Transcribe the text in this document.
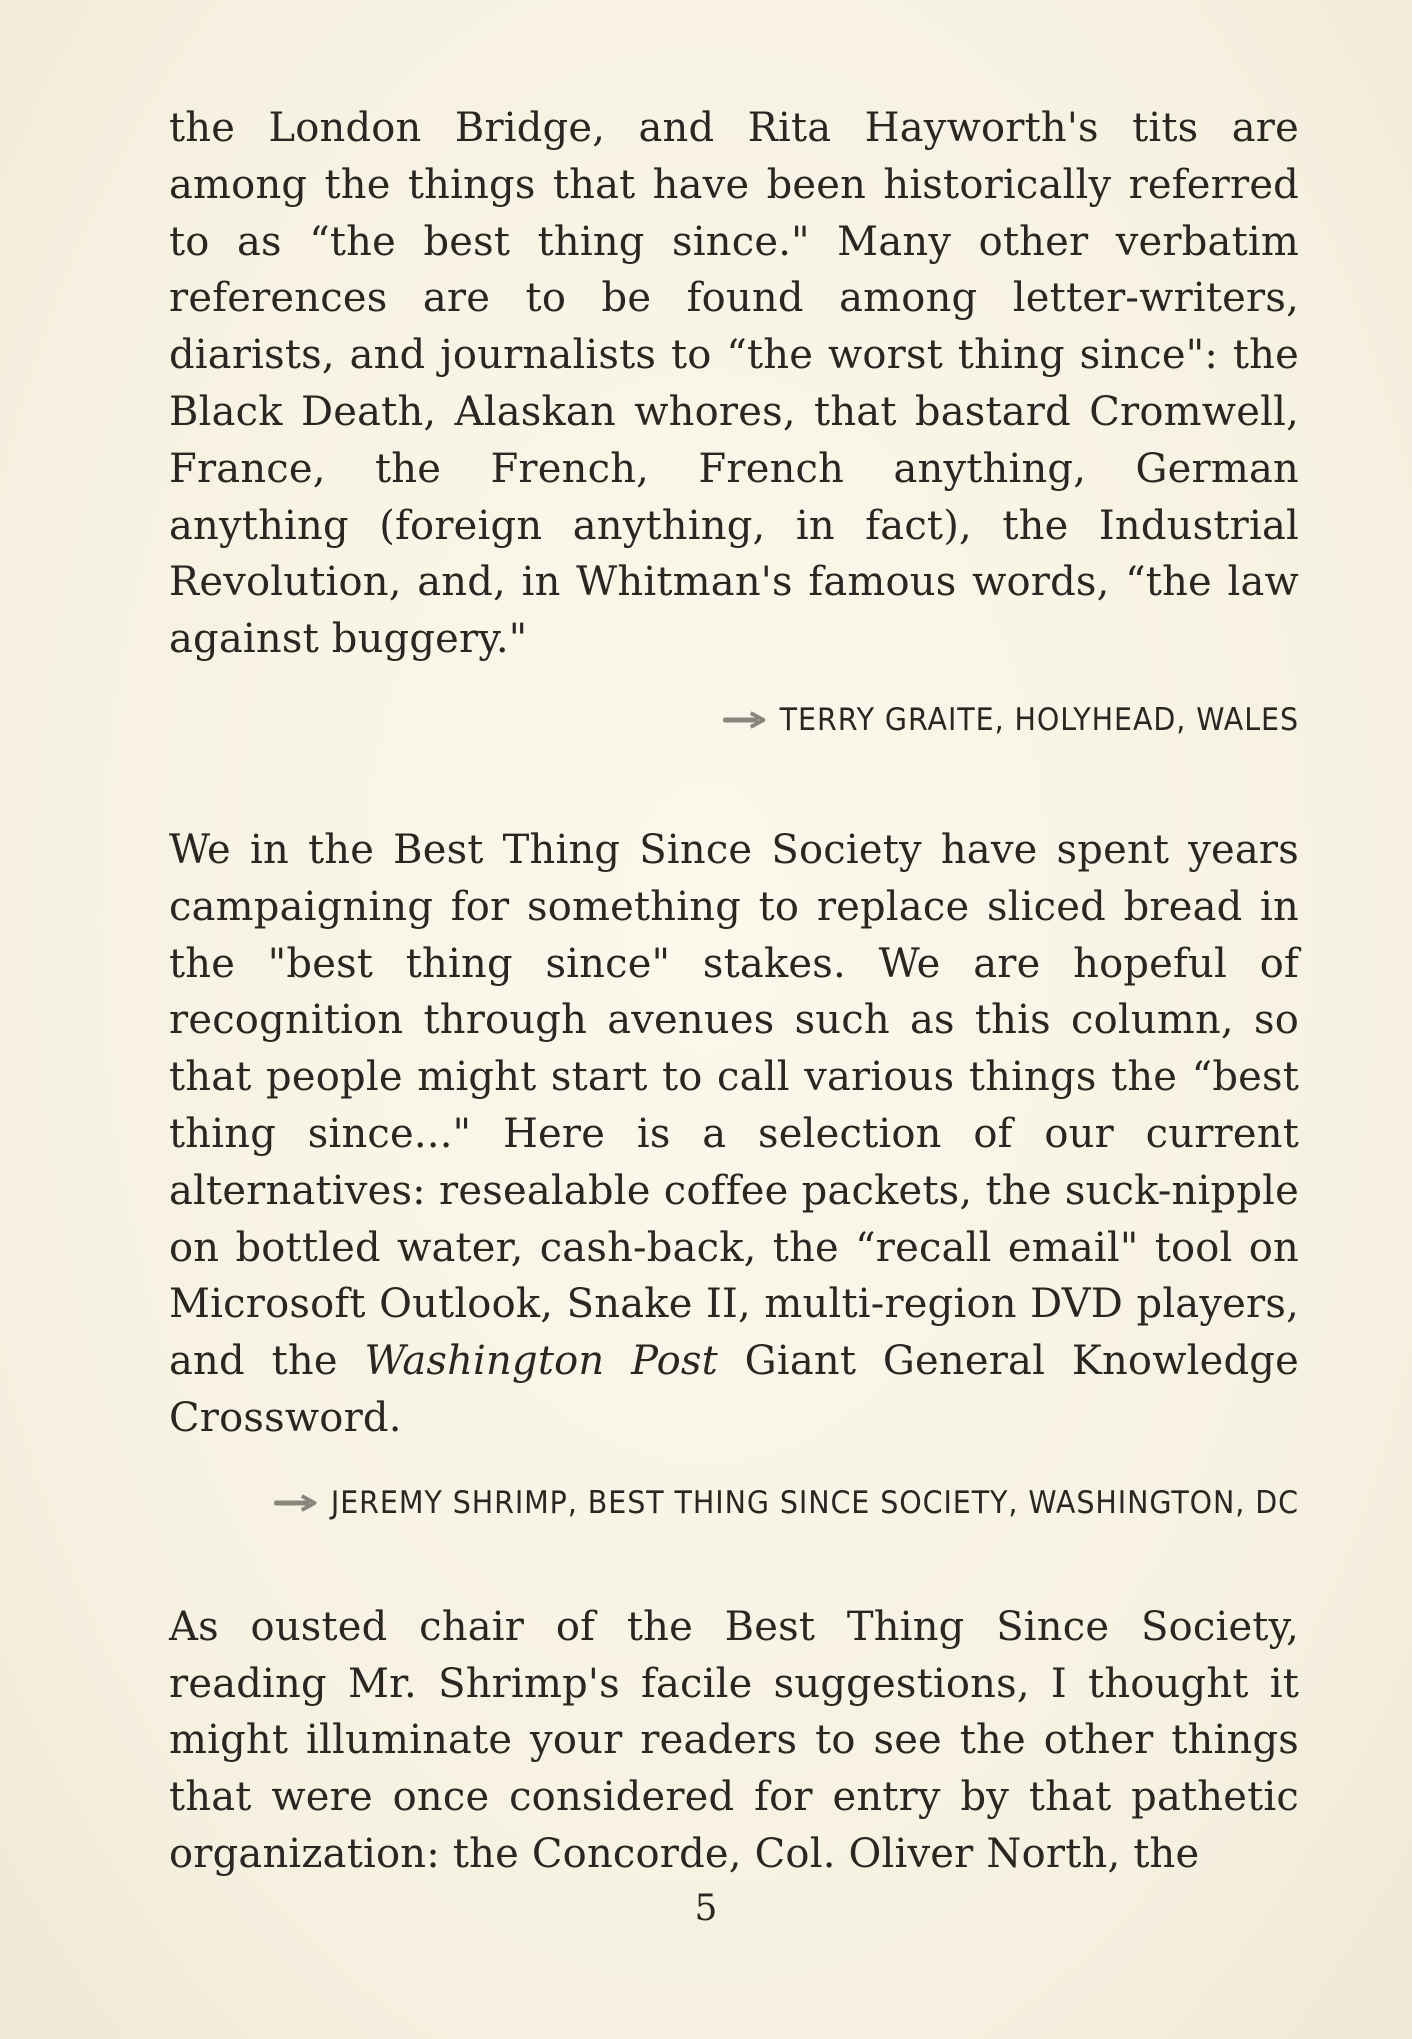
the London Bridge, and Rita Hayworth's tits are among the things that have been historically referred to as “the best thing since." Many other verbatim references are to be found among letter-writers, diarists, and journalists to “the worst thing since": the Black Death, Alaskan whores, that bastard Cromwell, France, the French, French anything, German anything (foreign anything, in fact), the Industrial Revolution, and, in Whitman's famous words, “the law against buggery."

TERRY GRAITE, HOLYHEAD, WALES

We in the Best Thing Since Society have spent years campaigning for something to replace sliced bread in the "best thing since" stakes. We are hopeful of recognition through avenues such as this column, so that people might start to call various things the “best thing since..." Here is a selection of our current alternatives: resealable coffee packets, the suck-nipple on bottled water, cash-back, the “recall email" tool on Microsoft Outlook, Snake II, multi-region DVD players, and the Washington Post Giant General Knowledge Crossword.

JEREMY SHRIMP, BEST THING SINCE SOCIETY, WASHINGTON, DC

As ousted chair of the Best Thing Since Society, reading Mr. Shrimp's facile suggestions, I thought it might illuminate your readers to see the other things that were once considered for entry by that pathetic organization: the Concorde, Col. Oliver North, the

5
